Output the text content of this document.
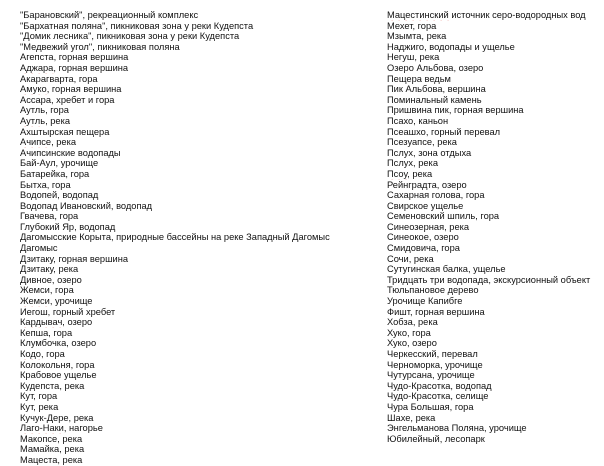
"Барановский", рекреационный комплекс
"Бархатная поляна", пикниковая зона у реки Кудепста
"Домик лесника", пикниковая зона у реки Кудепста
"Медвежий угол", пикниковая поляна
Агепста, горная вершина
Аджара, горная вершина
Акарагварта, гора
Амуко, горная вершина
Ассара, хребет и гора
Аутль, гора
Аутль, река
Ахштырская пещера
Ачипсе, река
Ачипсинские водопады
Бай-Аул, урочище
Батарейка, гора
Бытха, гора
Водопей, водопад
Водопад Ивановский, водопад
Гвачева, гора
Глубокий Яр, водопад
Дагомысские Корыта, природные бассейны на реке Западный Дагомыс
Дагомыс
Дзитаку, горная вершина
Дзитаку, река
Дивное, озеро
Жемси, гора
Жемси, урочище
Иегош, горный хребет
Кардывач, озеро
Кепша, гора
Клумбочка, озеро
Кодо, гора
Колокольня, гора
Крабовое ущелье
Кудепста, река
Кут, гора
Кут, река
Кучук-Дере, река
Лаго-Наки, нагорье
Макопсе, река
Мамайка, река
Мацеста, река
Мацестинский источник серо-водородных вод
Мехет, гора
Мзымта, река
Наджиго, водопады и ущелье
Негуш, река
Озеро Альбова, озеро
Пещера ведьм
Пик Альбова, вершина
Поминальный камень
Пришвина пик, горная вершина
Псахо, каньон
Псеашхо, горный перевал
Псезуапсе, река
Пслух, зона отдыха
Пслух, река
Псоу, река
Рейнградта, озеро
Сахарная голова, гора
Свирское ущелье
Семеновский шпиль, гора
Синеозерная, река
Синеокое, озеро
Смидовича, гора
Сочи, река
Сутугинская балка, ущелье
Тридцать три водопада, экскурсионный объект
Тюльпановое дерево
Урочище Капибге
Фишт, горная вершина
Хобза, река
Хуко, гора
Хуко, озеро
Черкесский, перевал
Черноморка, урочище
Чутурсана, урочище
Чудо-Красотка, водопад
Чудо-Красотка, селище
Чура Большая, гора
Шахе, река
Энгельманова Поляна, урочище
Юбилейный, лесопарк
